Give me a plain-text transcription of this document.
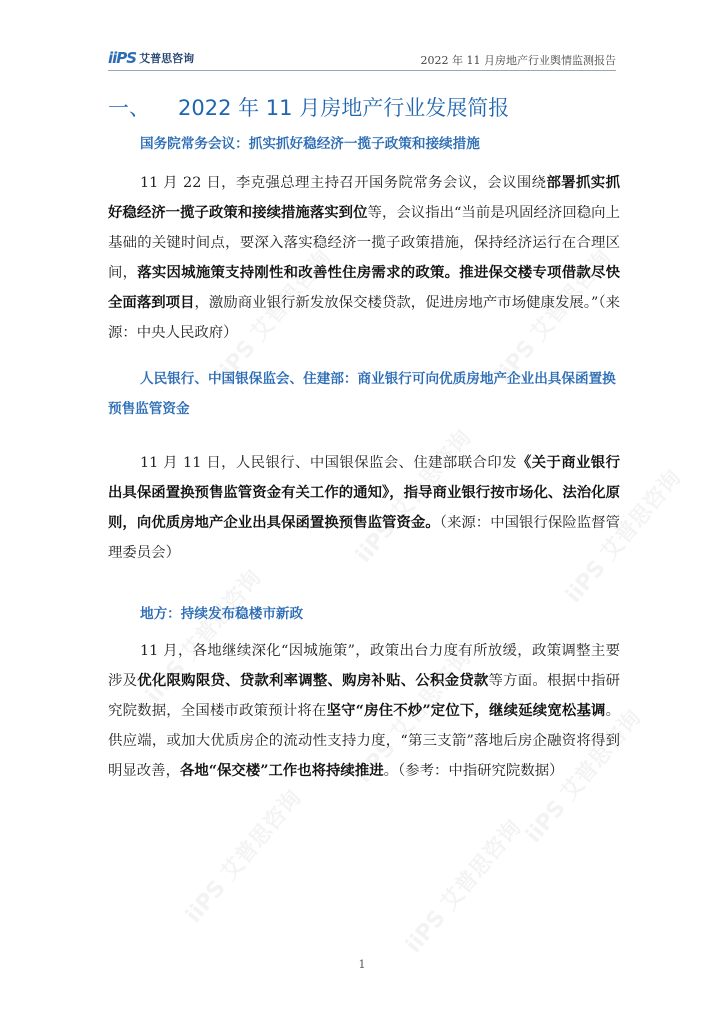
iiPS 艾普思咨询	2022 年 11 月房地产行业舆情监测报告
一、 2022 年 11 月房地产行业发展简报
国务院常务会议：抓实抓好稳经济一揽子政策和接续措施
11 月 22 日，李克强总理主持召开国务院常务会议，会议围绕部署抓实抓好稳经济一揽子政策和接续措施落实到位等，会议指出“当前是巩固经济回稳向上基础的关键时间点，要深入落实稳经济一揽子政策措施，保持经济运行在合理区间，落实因城施策支持刚性和改善性住房需求的政策。推进保交楼专项借款尽快全面落到项目，激励商业银行新发放保交楼贷款，促进房地产市场健康发展。”（来源：中央人民政府）
人民银行、中国银保监会、住建部：商业银行可向优质房地产企业出具保函置换预售监管资金
11 月 11 日，人民银行、中国银保监会、住建部联合印发《关于商业银行出具保函置换预售监管资金有关工作的通知》，指导商业银行按市场化、法治化原则，向优质房地产企业出具保函置换预售监管资金。（来源：中国银行保险监督管理委员会）
地方：持续发布稳楼市新政
11 月，各地继续深化“因城施策”，政策出台力度有所放缓，政策调整主要涉及优化限购限贷、贷款利率调整、购房补贴、公积金贷款等方面。根据中指研究院数据，全国楼市政策预计将在坚守“房住不炒”定位下，继续延续宽松基调。供应端，或加大优质房企的流动性支持力度，“第三支箭”落地后房企融资将得到明显改善，各地“保交楼”工作也将持续推进。（参考：中指研究院数据）
1
